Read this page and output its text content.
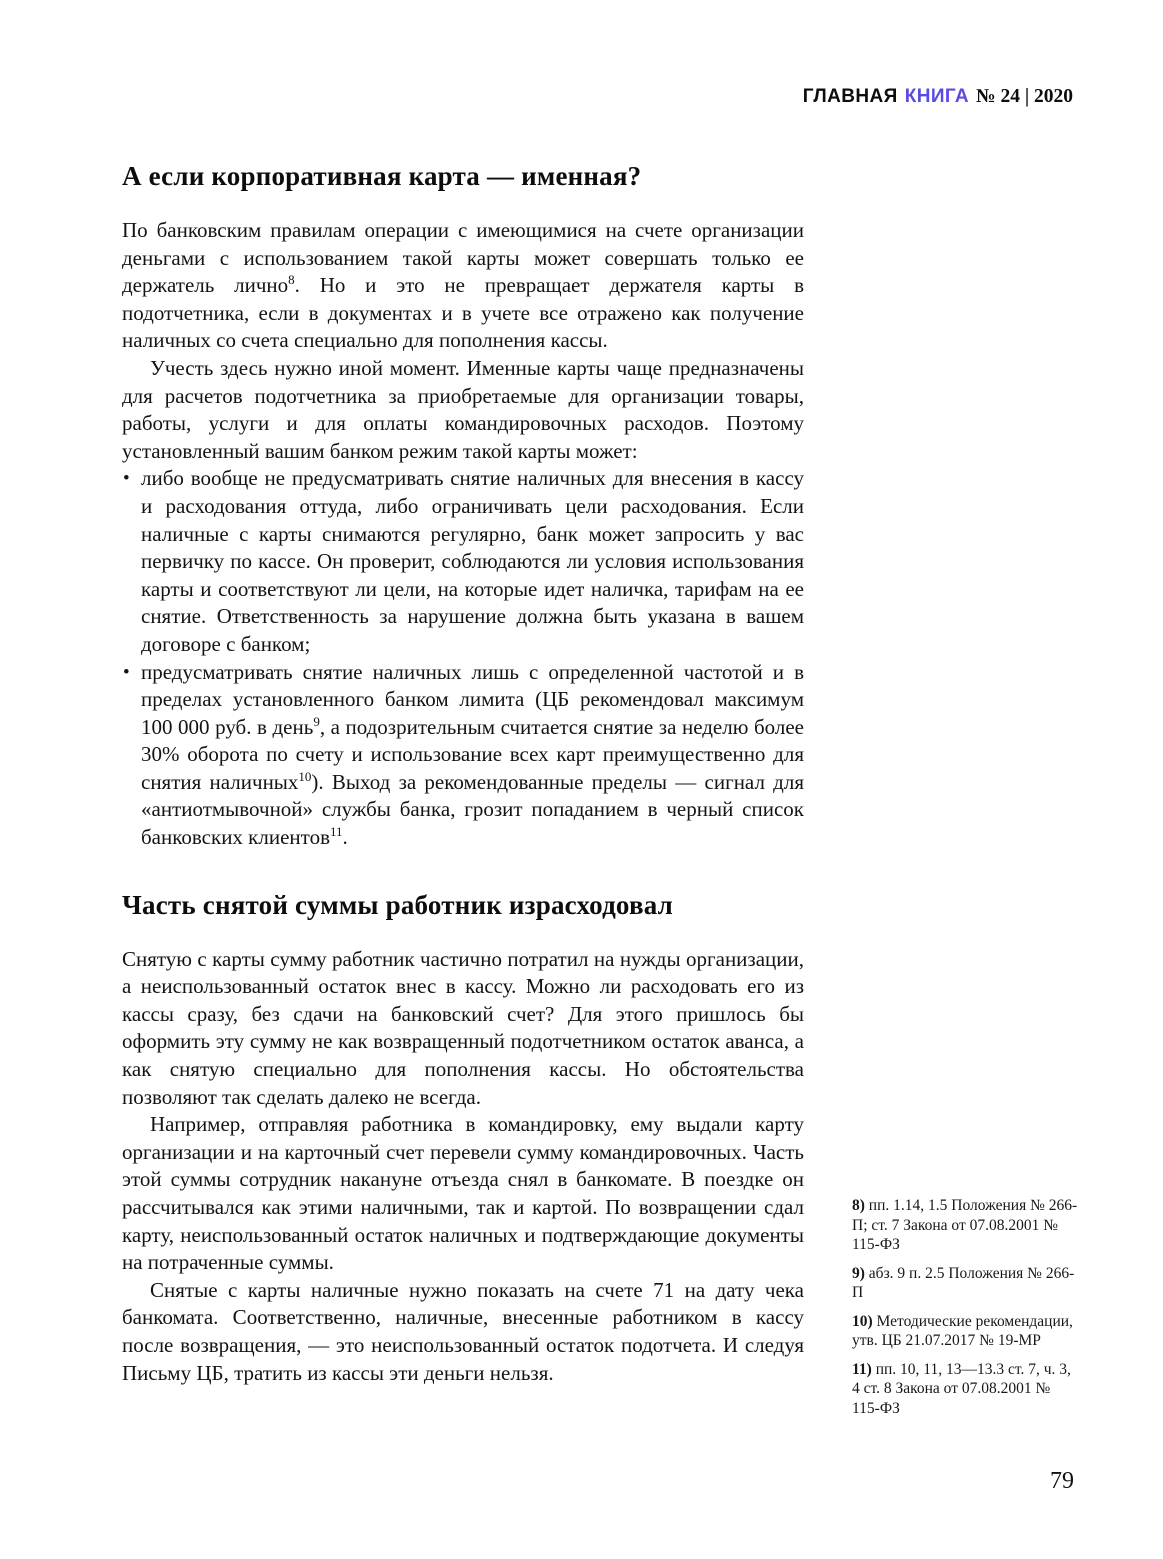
ГЛАВНАЯ КНИГА № 24 | 2020
А если корпоративная карта — именная?
По банковским правилам операции с имеющимися на счете организации деньгами с использованием такой карты может совершать только ее держатель лично$^8$. Но и это не превращает держателя карты в подотчетника, если в документах и в учете все отражено как получение наличных со счета специально для пополнения кассы.
Учесть здесь нужно иной момент. Именные карты чаще предназначены для расчетов подотчетника за приобретаемые для организации товары, работы, услуги и для оплаты командировочных расходов. Поэтому установленный вашим банком режим такой карты может:
• либо вообще не предусматривать снятие наличных для внесения в кассу и расходования оттуда, либо ограничивать цели расходования. Если наличные с карты снимаются регулярно, банк может запросить у вас первичку по кассе. Он проверит, соблюдаются ли условия использования карты и соответствуют ли цели, на которые идет наличка, тарифам на ее снятие. Ответственность за нарушение должна быть указана в вашем договоре с банком;
• предусматривать снятие наличных лишь с определенной частотой и в пределах установленного банком лимита (ЦБ рекомендовал максимум 100 000 руб. в день$^9$, а подозрительным считается снятие за неделю более 30% оборота по счету и использование всех карт преимущественно для снятия наличных$^{10}$). Выход за рекомендованные пределы — сигнал для «антиотмывочной» службы банка, грозит попаданием в черный список банковских клиентов$^{11}$.
Часть снятой суммы работник израсходовал
Снятую с карты сумму работник частично потратил на нужды организации, а неиспользованный остаток внес в кассу. Можно ли расходовать его из кассы сразу, без сдачи на банковский счет? Для этого пришлось бы оформить эту сумму не как возвращенный подотчетником остаток аванса, а как снятую специально для пополнения кассы. Но обстоятельства позволяют так сделать далеко не всегда.
Например, отправляя работника в командировку, ему выдали карту организации и на карточный счет перевели сумму командировочных. Часть этой суммы сотрудник накануне отъезда снял в банкомате. В поездке он рассчитывался как этими наличными, так и картой. По возвращении сдал карту, неиспользованный остаток наличных и подтверждающие документы на потраченные суммы.
Снятые с карты наличные нужно показать на счете 71 на дату чека банкомата. Соответственно, наличные, внесенные работником в кассу после возвращения, — это неиспользованный остаток подотчета. И следуя Письму ЦБ, тратить из кассы эти деньги нельзя.
8) пп. 1.14, 1.5 Положения № 266-П; ст. 7 Закона от 07.08.2001 № 115-ФЗ
9) абз. 9 п. 2.5 Положения № 266-П
10) Методические рекомендации, утв. ЦБ 21.07.2017 № 19-МР
11) пп. 10, 11, 13—13.3 ст. 7, ч. 3, 4 ст. 8 Закона от 07.08.2001 № 115-ФЗ
79
